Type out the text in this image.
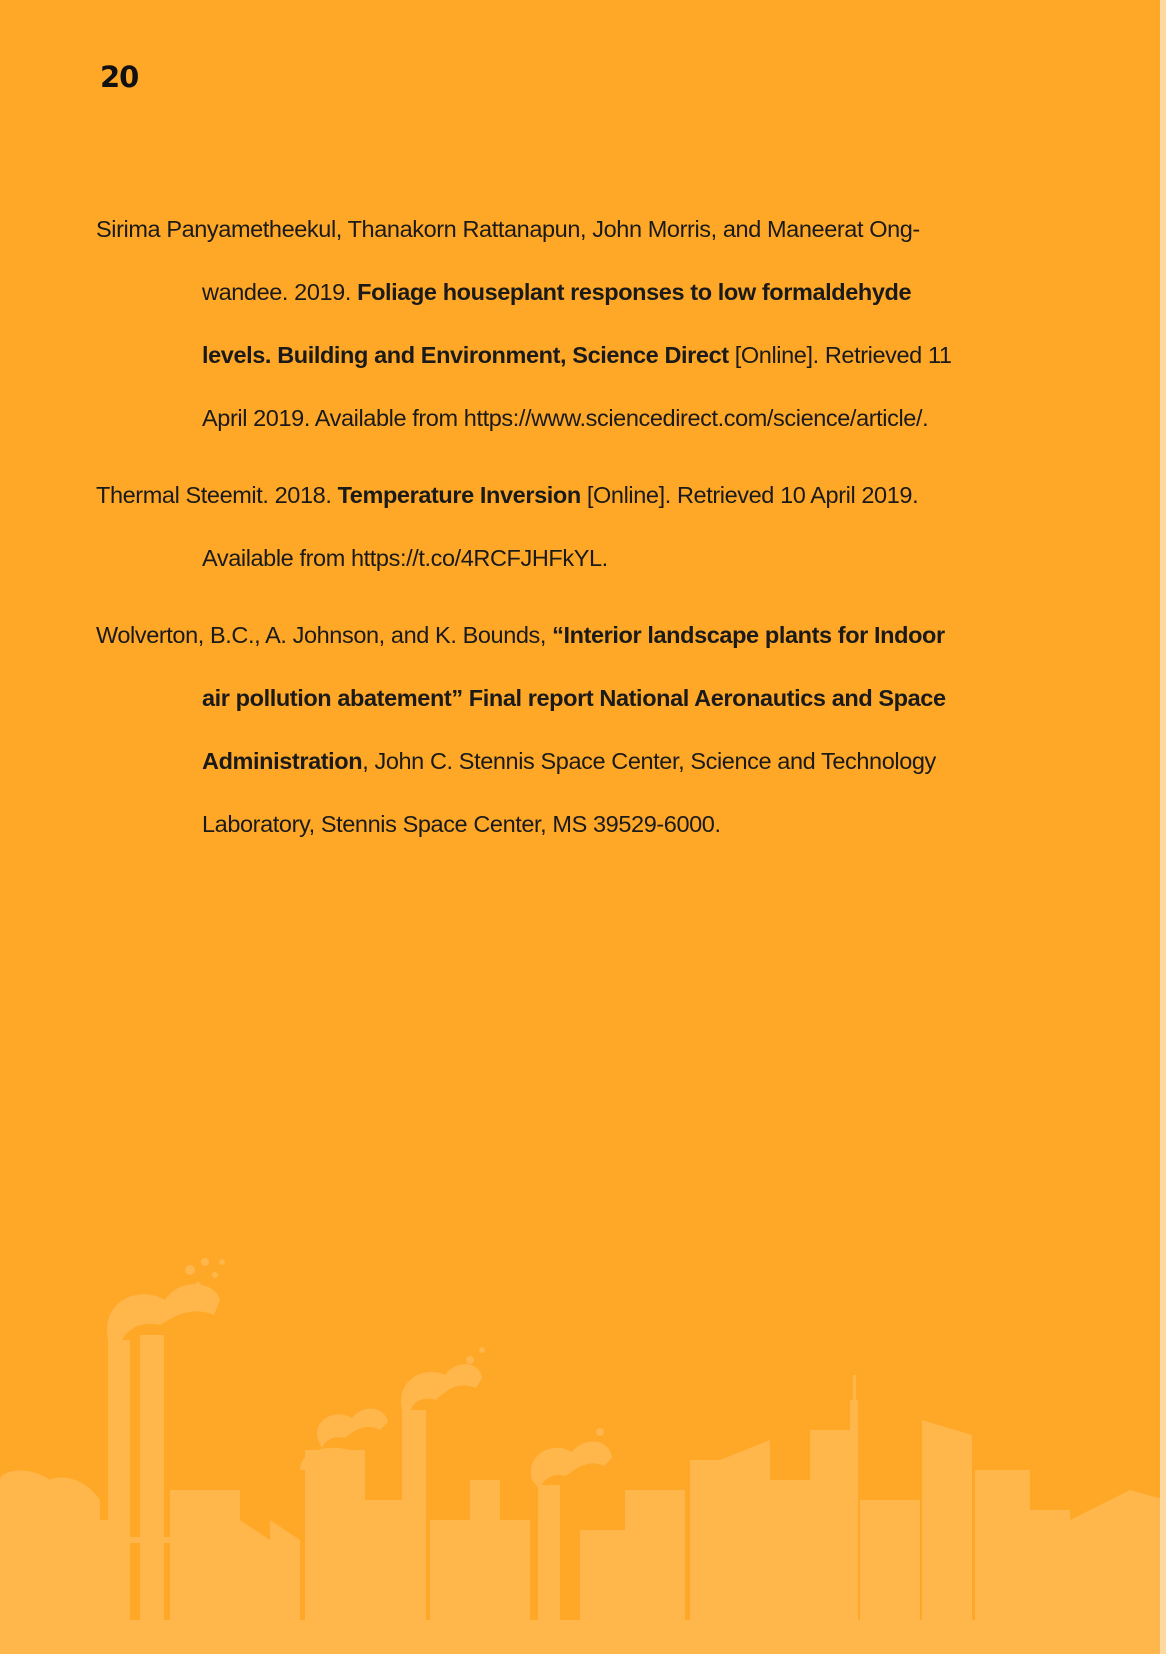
20
Sirima Panyametheekul, Thanakorn Rattanapun, John Morris, and Maneerat Ong-
wandee. 2019. Foliage houseplant responses to low formaldehyde
levels. Building and Environment, Science Direct [Online]. Retrieved 11
April 2019. Available from https://www.sciencedirect.com/science/article/.
Thermal Steemit. 2018. Temperature Inversion [Online]. Retrieved 10 April 2019.
Available from https://t.co/4RCFJHFkYL.
Wolverton, B.C., A. Johnson, and K. Bounds, “Interior landscape plants for Indoor
air pollution abatement” Final report National Aeronautics and Space
Administration, John C. Stennis Space Center, Science and Technology
Laboratory, Stennis Space Center, MS 39529-6000.
